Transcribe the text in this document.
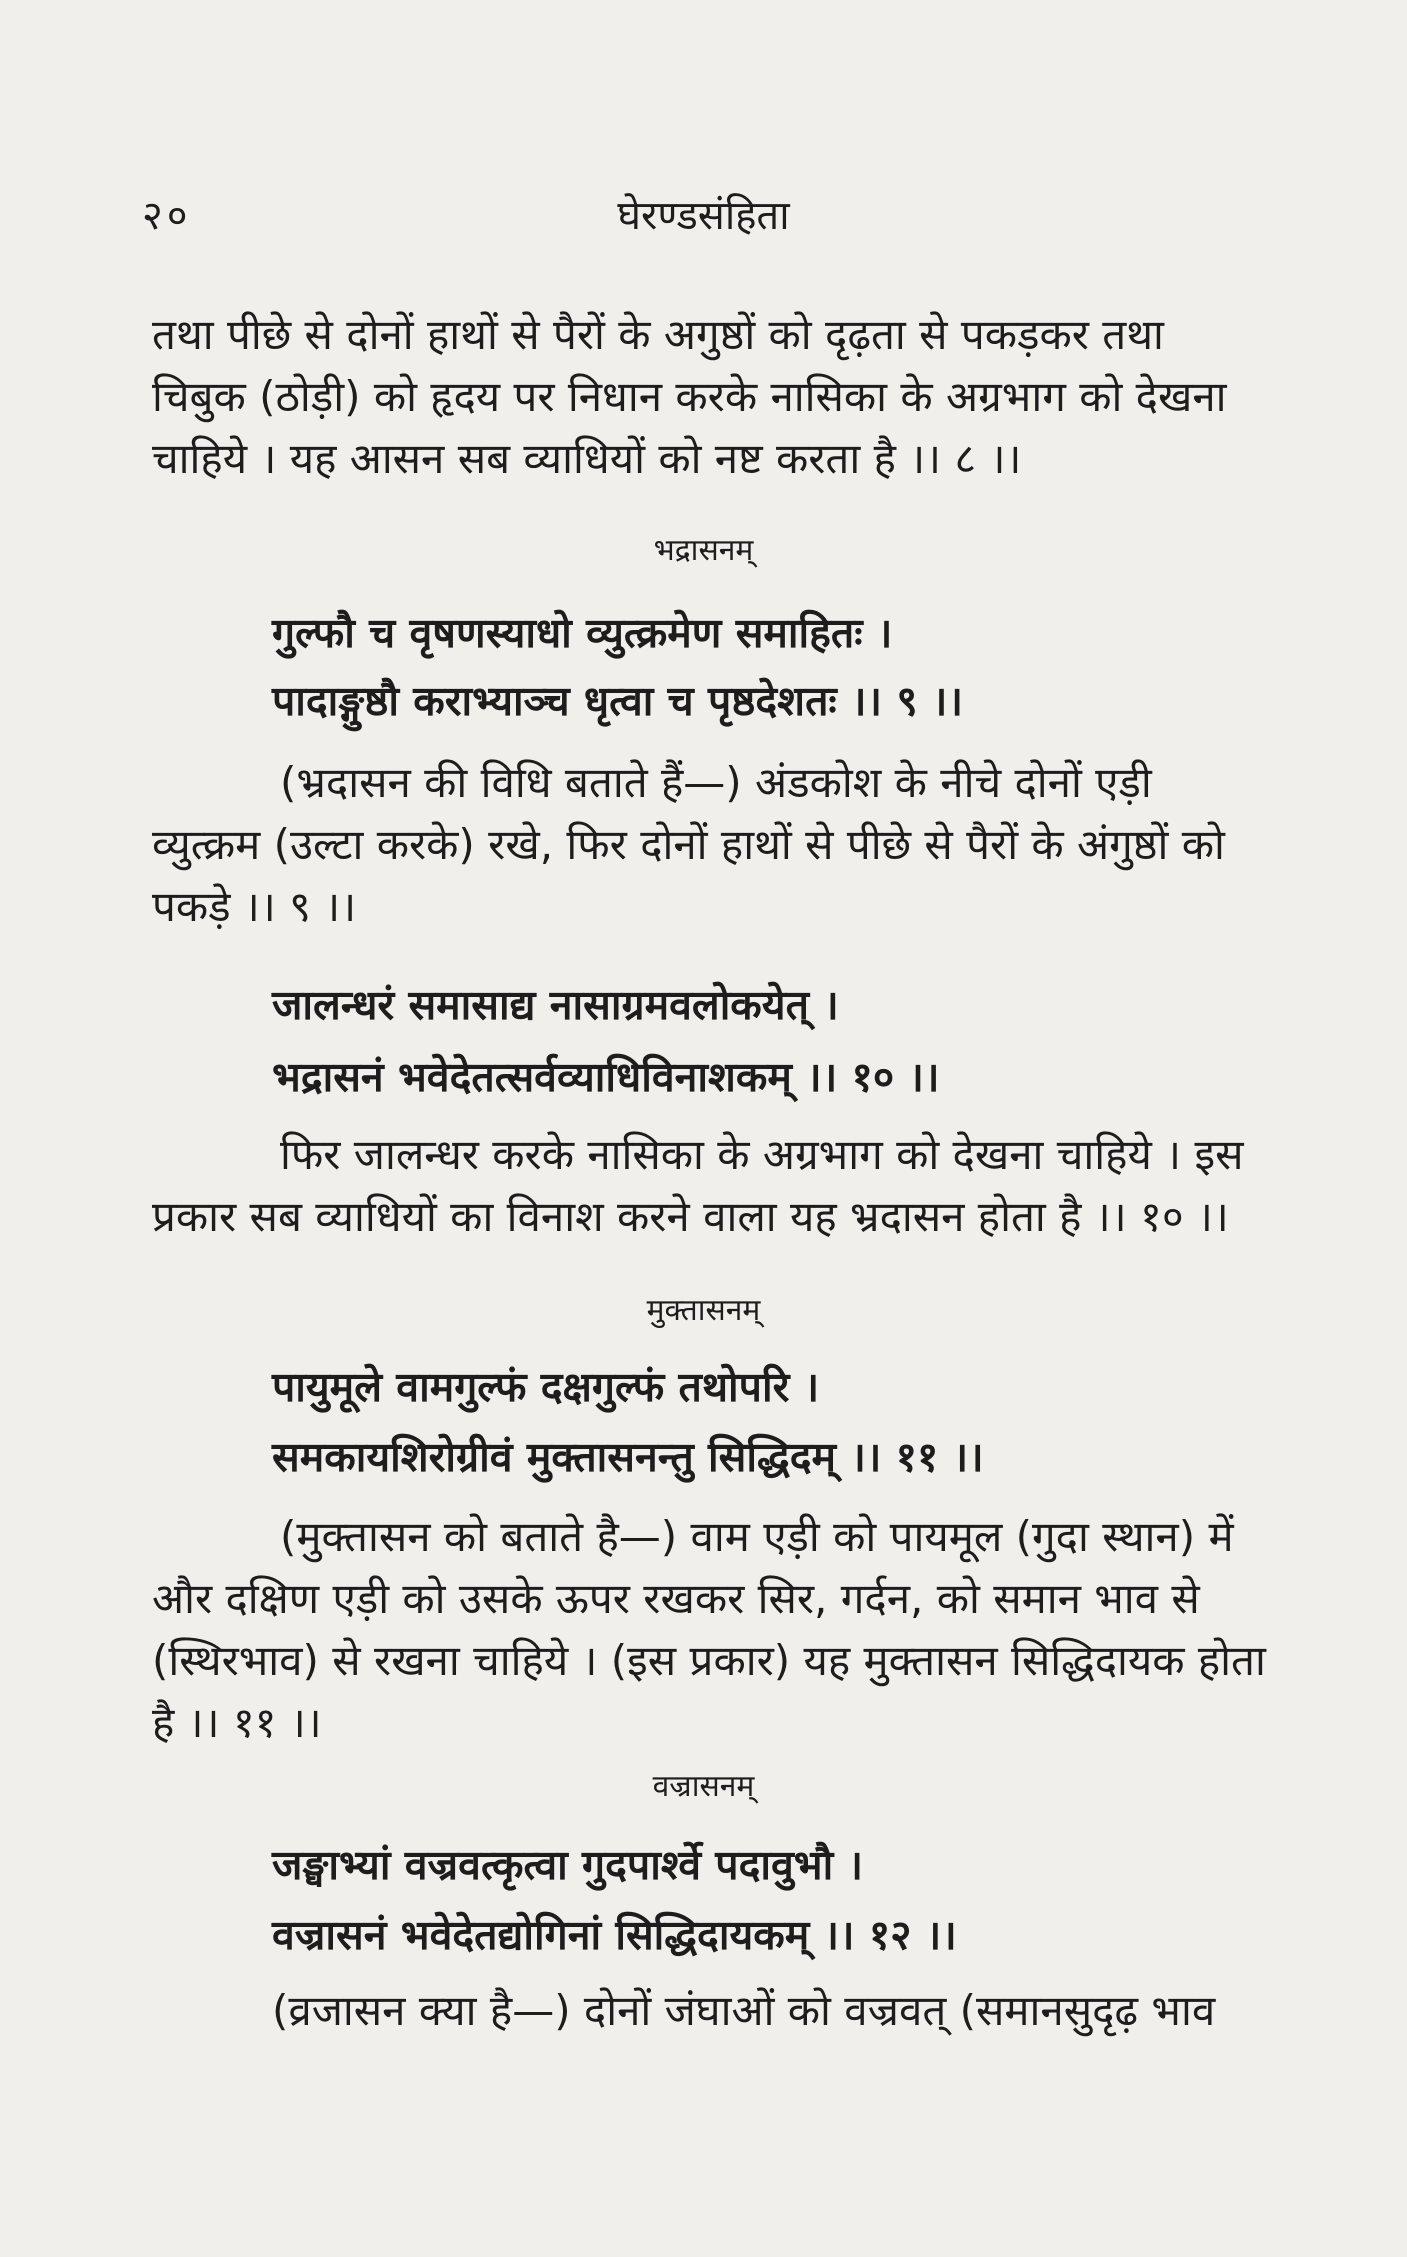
२०	घेरण्डसंहिता
तथा पीछे से दोनों हाथों से पैरों के अगुष्ठों को दृढ़ता से पकड़कर तथा
चिबुक (ठोड़ी) को हृदय पर निधान करके नासिका के अग्रभाग को देखना
चाहिये । यह आसन सब व्याधियों को नष्ट करता है ।। ८ ।।
भद्रासनम्
गुल्फौ च वृषणस्याधो व्युत्क्रमेण समाहितः ।
पादाङ्गुष्ठौ कराभ्याञ्च धृत्वा च पृष्ठदेशतः ।। ९ ।।
(भ्रदासन की विधि बताते हैं—) अंडकोश के नीचे दोनों एड़ी
व्युत्क्रम (उल्टा करके) रखे, फिर दोनों हाथों से पीछे से पैरों के अंगुष्ठों को
पकड़े ।। ९ ।।
जालन्धरं समासाद्य नासाग्रमवलोकयेत् ।
भद्रासनं भवेदेतत्सर्वव्याधिविनाशकम् ।। १० ।।
फिर जालन्धर करके नासिका के अग्रभाग को देखना चाहिये । इस
प्रकार सब व्याधियों का विनाश करने वाला यह भ्रदासन होता है ।। १० ।।
मुक्तासनम्
पायुमूले वामगुल्फं दक्षगुल्फं तथोपरि ।
समकायशिरोग्रीवं मुक्तासनन्तु सिद्धिदम् ।। ११ ।।
(मुक्तासन को बताते है—) वाम एड़ी को पायमूल (गुदा स्थान) में
और दक्षिण एड़ी को उसके ऊपर रखकर सिर, गर्दन, को समान भाव से
(स्थिरभाव) से रखना चाहिये । (इस प्रकार) यह मुक्तासन सिद्धिदायक होता
है ।। ११ ।।
वज्रासनम्
जङ्घाभ्यां वज्रवत्कृत्वा गुदपार्श्वे पदावुभौ ।
वज्रासनं भवेदेतद्योगिनां सिद्धिदायकम् ।। १२ ।।
(व्रजासन क्या है—) दोनों जंघाओं को वज्रवत् (समानसुदृढ़ भाव
